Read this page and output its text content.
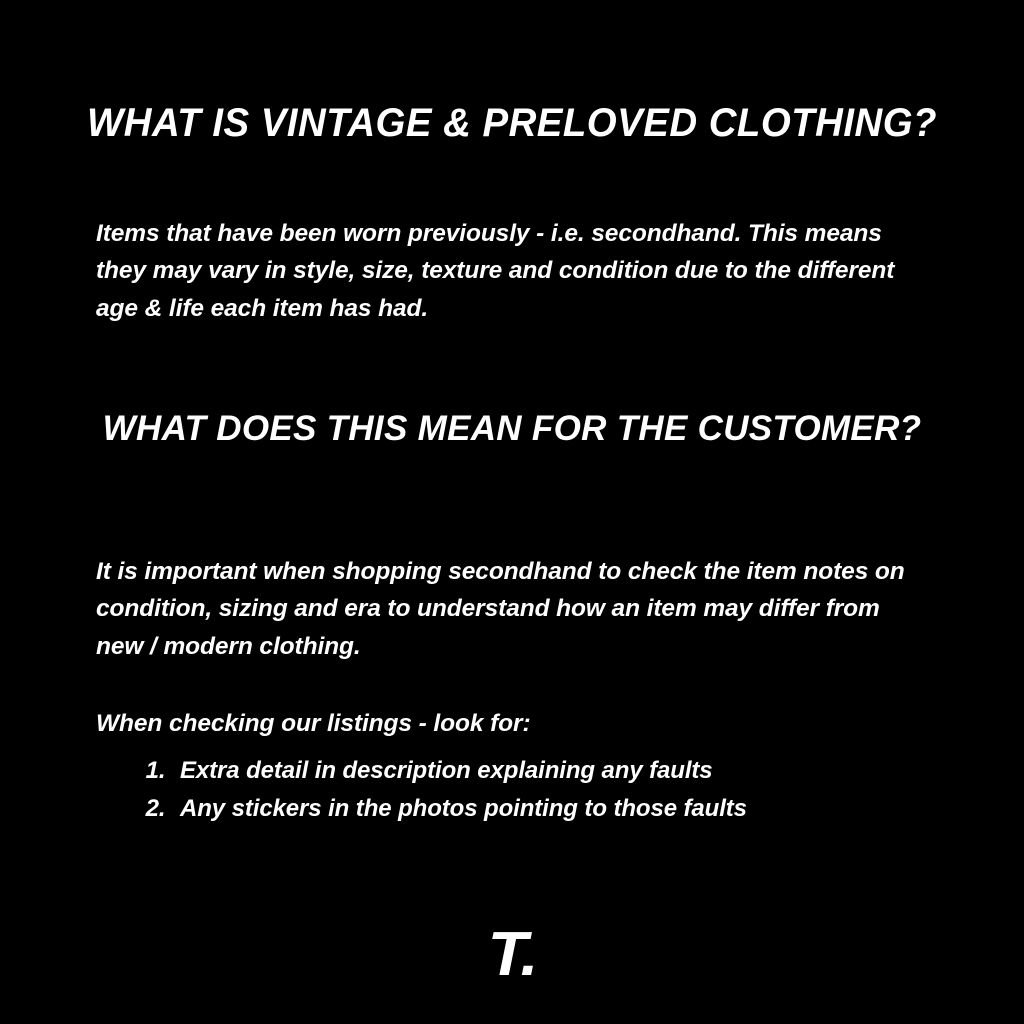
WHAT IS VINTAGE & PRELOVED CLOTHING?

Items that have been worn previously - i.e. secondhand. This means they may vary in style, size, texture and condition due to the different age & life each item has had.

WHAT DOES THIS MEAN FOR THE CUSTOMER?

It is important when shopping secondhand to check the item notes on condition, sizing and era to understand how an item may differ from new / modern clothing.

When checking our listings - look for:

1. Extra detail in description explaining any faults
2. Any stickers in the photos pointing to those faults
T.
